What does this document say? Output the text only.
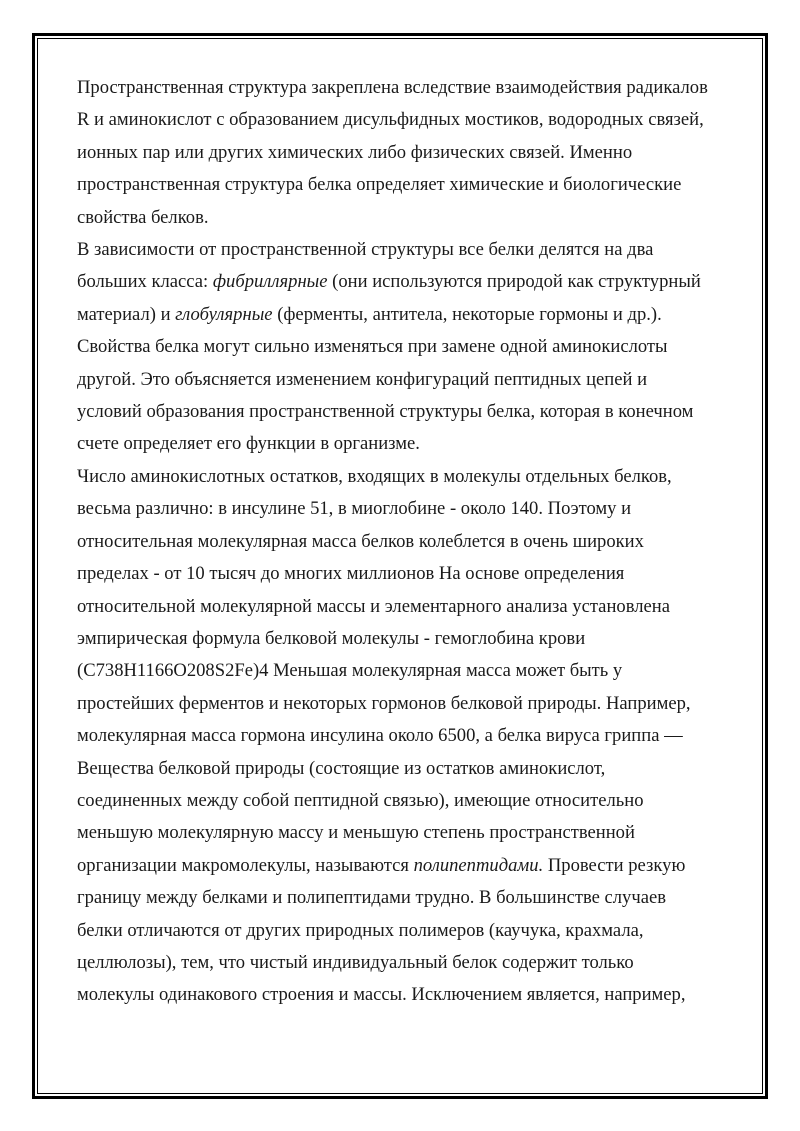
Пространственная структура закреплена вследствие взаимодействия радикалов
R и аминокислот с образованием дисульфидных мостиков, водородных связей,
ионных пар или других химических либо физических связей. Именно
пространственная структура белка определяет химические и биологические
свойства белков.
В зависимости от пространственной структуры все белки делятся на два
больших класса: фибриллярные (они используются природой как структурный
материал) и глобулярные (ферменты, антитела, некоторые гормоны и др.).
Свойства белка могут сильно изменяться при замене одной аминокислоты
другой. Это объясняется изменением конфигураций пептидных цепей и
условий образования пространственной структуры белка, которая в конечном
счете определяет его функции в организме.
Число аминокислотных остатков, входящих в молекулы отдельных белков,
весьма различно: в инсулине 51, в миоглобине - около 140. Поэтому и
относительная молекулярная масса белков колеблется в очень широких
пределах - от 10 тысяч до многих миллионов На основе определения
относительной молекулярной массы и элементарного анализа установлена
эмпирическая формула белковой молекулы - гемоглобина крови
(С738Н1166О208S2Fe)4 Меньшая молекулярная масса может быть у
простейших ферментов и некоторых гормонов белковой природы. Например,
молекулярная масса гормона инсулина около 6500, а белка вируса гриппа —
Вещества белковой природы (состоящие из остатков аминокислот,
соединенных между собой пептидной связью), имеющие относительно
меньшую молекулярную массу и меньшую степень пространственной
организации макромолекулы, называются полипептидами. Провести резкую
границу между белками и полипептидами трудно. В большинстве случаев
белки отличаются от других природных полимеров (каучука, крахмала,
целлюлозы), тем, что чистый индивидуальный белок содержит только
молекулы одинакового строения и массы. Исключением является, например,
